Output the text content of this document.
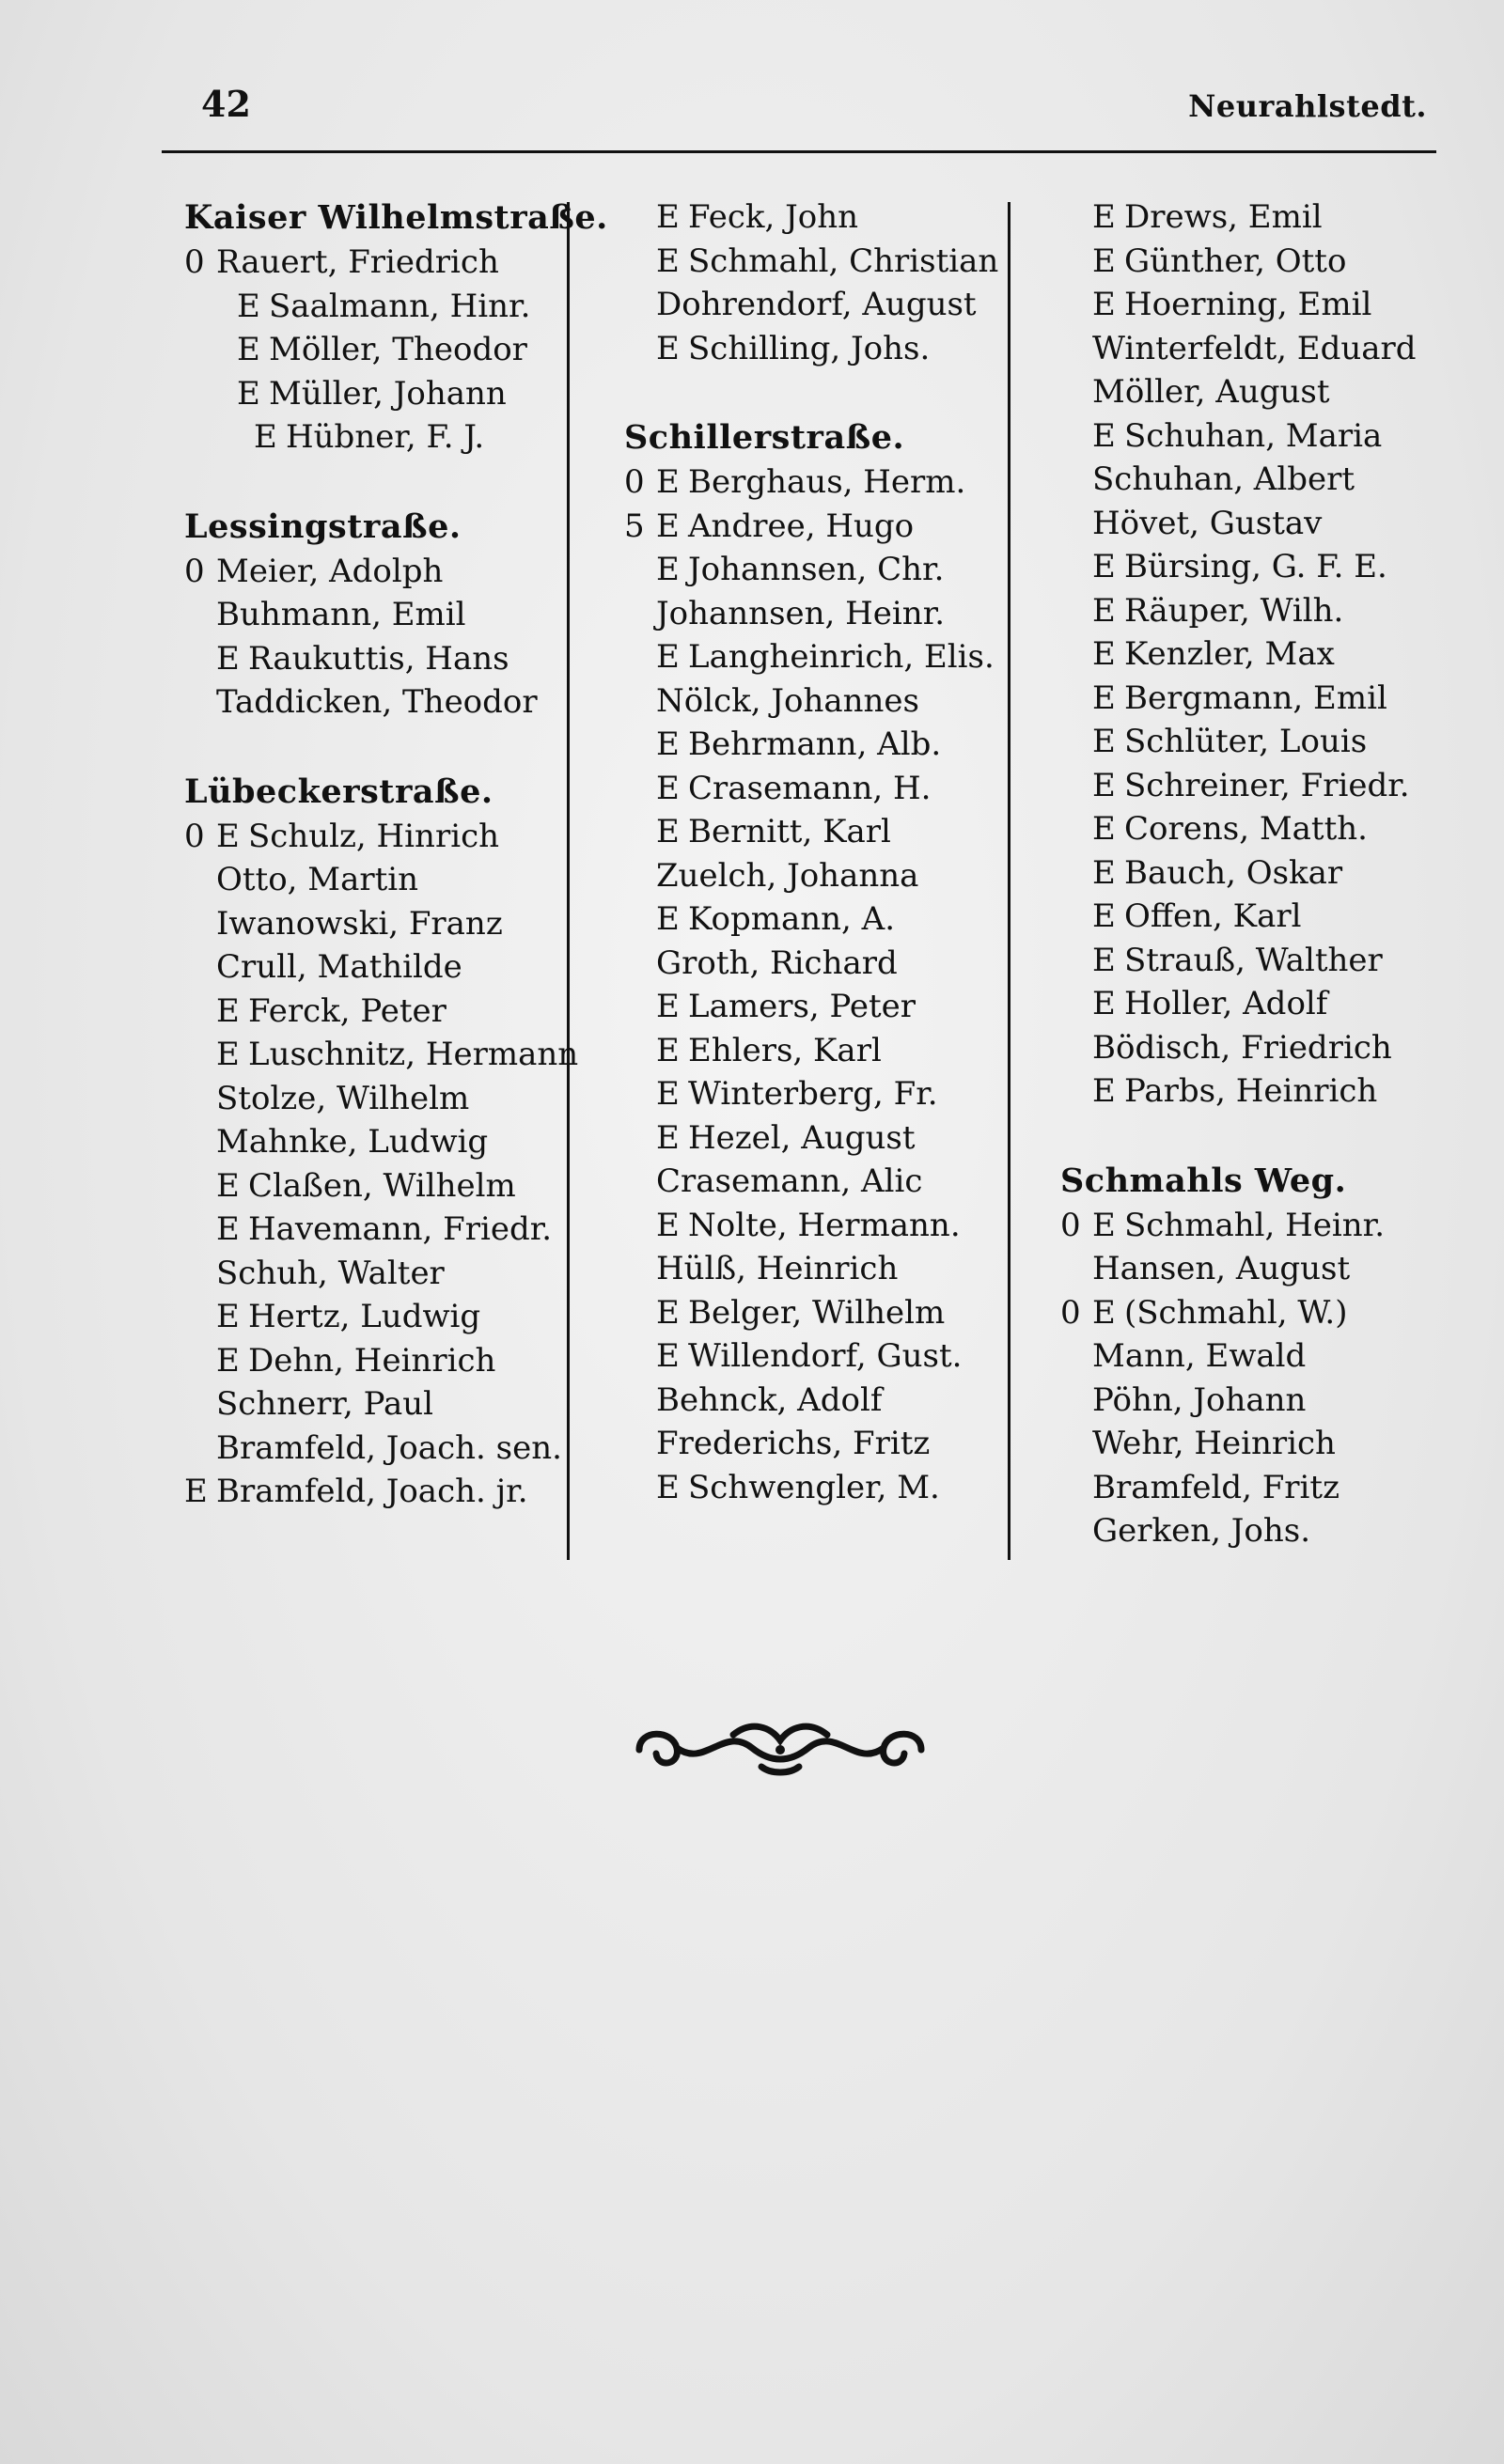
42	Neurahlstedt.
Kaiser Wilhelmstraße.
0 Rauert, Friedrich
E Saalmann, Hinr.
E Möller, Theodor
E Müller, Johann
E Hübner, F. J.
Lessingstraße.
0 Meier, Adolph
Buhmann, Emil
E Raukuttis, Hans
Taddicken, Theodor
Lübeckerstraße.
0 E Schulz, Hinrich
Otto, Martin
Iwanowski, Franz
Crull, Mathilde
E Ferck, Peter
E Luschnitz, Hermann
Stolze, Wilhelm
Mahnke, Ludwig
E Claßen, Wilhelm
E Havemann, Friedr.
Schuh, Walter
E Hertz, Ludwig
E Dehn, Heinrich
Schnerr, Paul
Bramfeld, Joach. sen.
E Bramfeld, Joach. jr.
E Feck, John
E Schmahl, Christian
Dohrendorf, August
E Schilling, Johs.
Schillerstraße.
0 E Berghaus, Herm.
5 E Andree, Hugo
E Johannsen, Chr.
Johannsen, Heinr.
E Langheinrich, Elis.
Nölck, Johannes
E Behrmann, Alb.
E Crasemann, H.
E Bernitt, Karl
Zuelch, Johanna
E Kopmann, A.
Groth, Richard
E Lamers, Peter
E Ehlers, Karl
E Winterberg, Fr.
E Hezel, August
Crasemann, Alic
E Nolte, Hermann.
Hülß, Heinrich
E Belger, Wilhelm
E Willendorf, Gust.
Behnck, Adolf
Frederichs, Fritz
E Schwengler, M.
E Drews, Emil
E Günther, Otto
E Hoerning, Emil
Winterfeldt, Eduard
Möller, August
E Schuhan, Maria
Schuhan, Albert
Hövet, Gustav
E Bürsing, G. F. E.
E Räuper, Wilh.
E Kenzler, Max
E Bergmann, Emil
E Schlüter, Louis
E Schreiner, Friedr.
E Corens, Matth.
E Bauch, Oskar
E Offen, Karl
E Strauß, Walther
E Holler, Adolf
Bödisch, Friedrich
E Parbs, Heinrich
Schmahls Weg.
0 E Schmahl, Heinr.
Hansen, August
0 E (Schmahl, W.)
Mann, Ewald
Pöhn, Johann
Wehr, Heinrich
Bramfeld, Fritz
Gerken, Johs.
